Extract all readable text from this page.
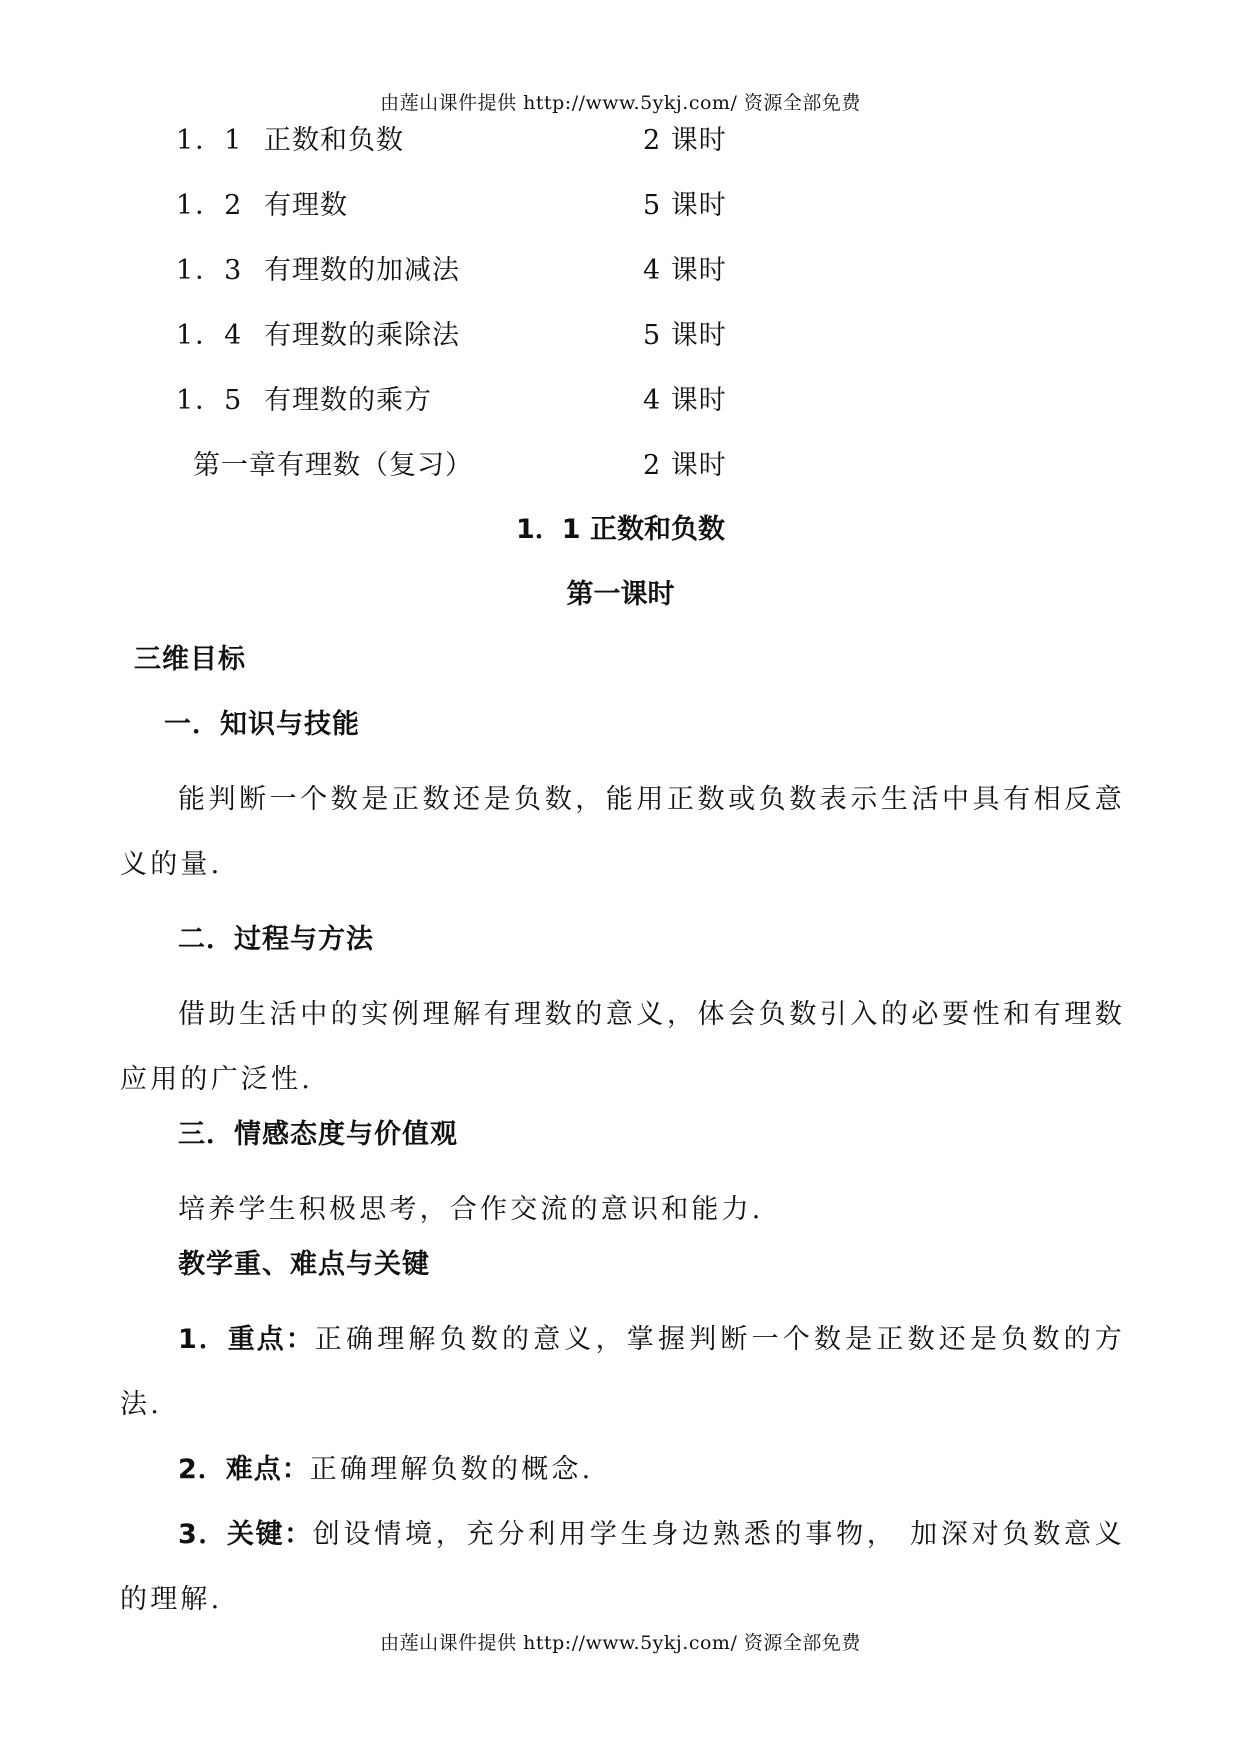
由莲山课件提供 http://www.5ykj.com/ 资源全部免费
1．1 正数和负数	2 课时
1．2 有理数	5 课时
1．3 有理数的加减法	4 课时
1．4 有理数的乘除法	5 课时
1．5 有理数的乘方	4 课时
第一章有理数（复习）	2 课时
1．1 正数和负数
第一课时
三维目标
一．知识与技能

能判断一个数是正数还是负数，能用正数或负数表示生活中具有相反意义的量.

二．过程与方法

借助生活中的实例理解有理数的意义，体会负数引入的必要性和有理数应用的广泛性.

三．情感态度与价值观

培养学生积极思考，合作交流的意识和能力.

教学重、难点与关键

1．重点：正确理解负数的意义，掌握判断一个数是正数还是负数的方法.

2．难点：正确理解负数的概念.

3．关键：创设情境，充分利用学生身边熟悉的事物， 加深对负数意义的理解.

由莲山课件提供 http://www.5ykj.com/ 资源全部免费
